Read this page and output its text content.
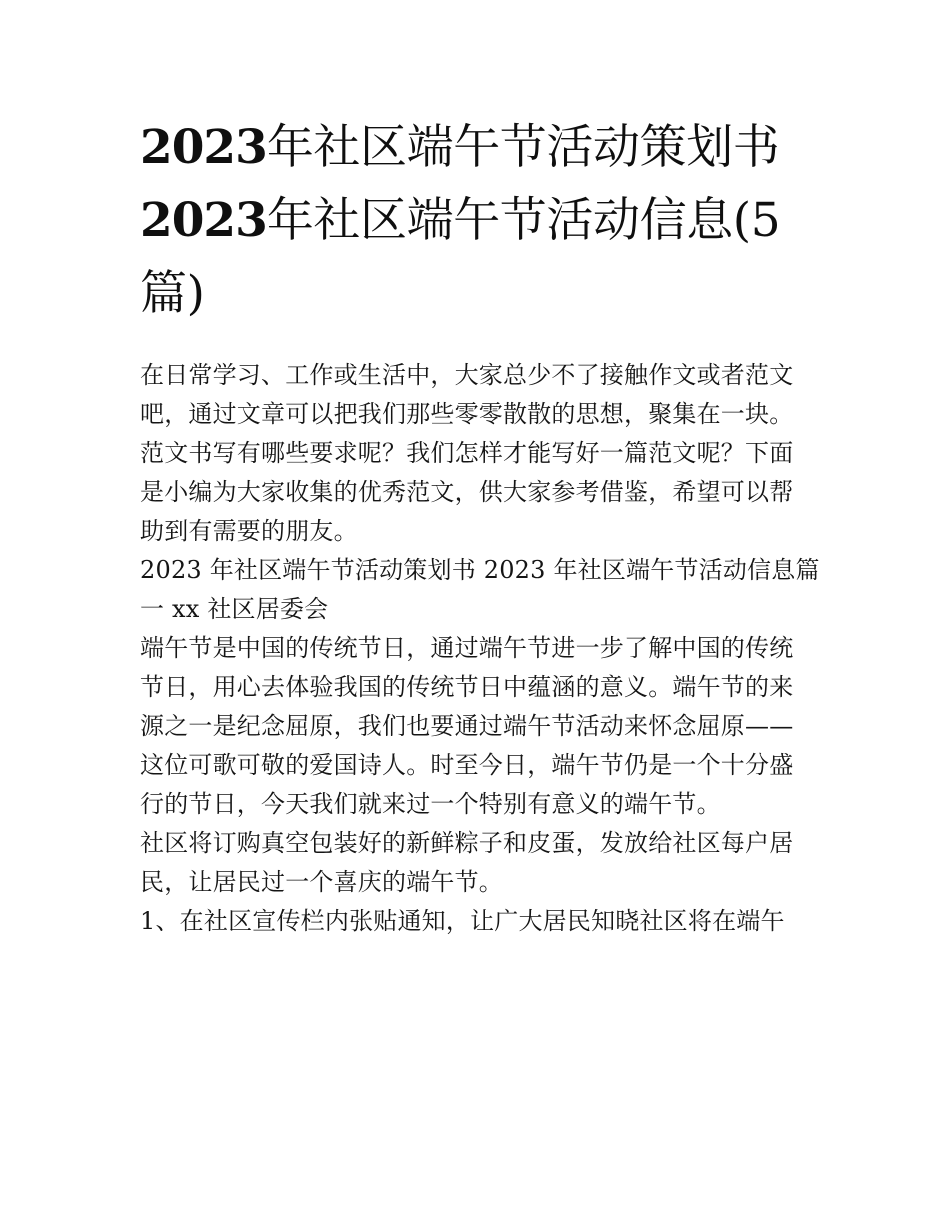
2023年社区端午节活动策划书
2023年社区端午节活动信息(5
篇)

在日常学习、工作或生活中，大家总少不了接触作文或者范文
吧，通过文章可以把我们那些零零散散的思想，聚集在一块。
范文书写有哪些要求呢？我们怎样才能写好一篇范文呢？下面
是小编为大家收集的优秀范文，供大家参考借鉴，希望可以帮
助到有需要的朋友。

2023 年社区端午节活动策划书 2023 年社区端午节活动信息篇
一 xx 社区居委会

端午节是中国的传统节日，通过端午节进一步了解中国的传统
节日，用心去体验我国的传统节日中蕴涵的意义。端午节的来
源之一是纪念屈原，我们也要通过端午节活动来怀念屈原——
这位可歌可敬的爱国诗人。时至今日，端午节仍是一个十分盛
行的节日，今天我们就来过一个特别有意义的端午节。

社区将订购真空包装好的新鲜粽子和皮蛋，发放给社区每户居
民，让居民过一个喜庆的端午节。

1、在社区宣传栏内张贴通知，让广大居民知晓社区将在端午
